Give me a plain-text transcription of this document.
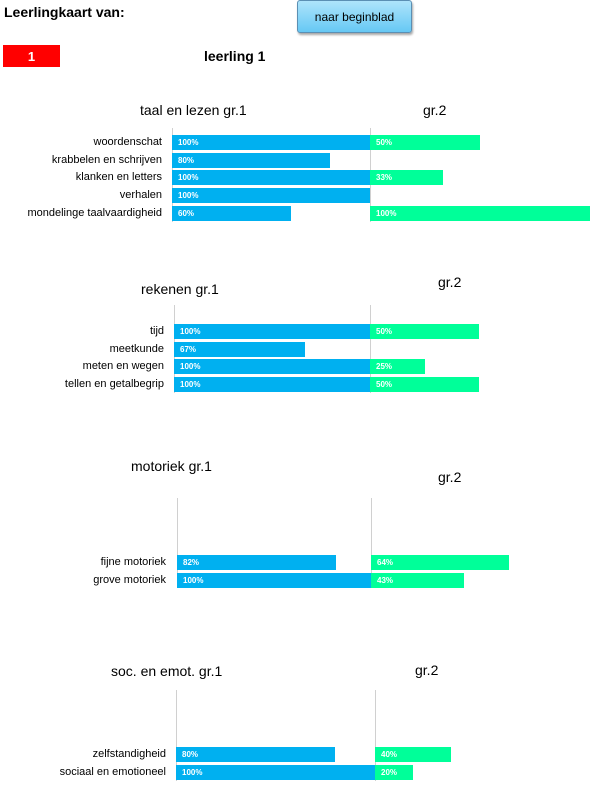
Leerlingkaart van:	naar beginblad
1	leerling 1
taal en lezen gr.1	gr.2
woordenschat	100%	50%
krabbelen en schrijven	80%
klanken en letters	100%	33%
verhalen	100%
mondelinge taalvaardigheid	60%	100%
rekenen gr.1	gr.2
tijd	100%	50%
meetkunde	67%
meten en wegen	100%	25%
tellen en getalbegrip	100%	50%
motoriek gr.1
gr.2
fijne motoriek	82%	64%
grove motoriek	100%	43%
soc. en emot. gr.1	gr.2
zelfstandigheid	80%	40%
sociaal en emotioneel	100%	20%
